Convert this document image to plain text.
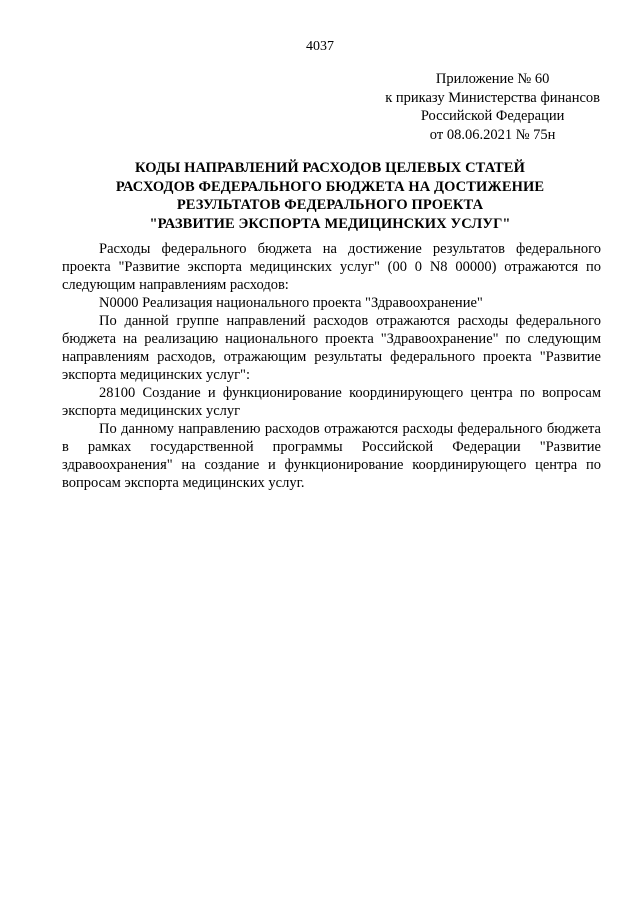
4037
Приложение № 60
к приказу Министерства финансов
Российской Федерации
от 08.06.2021 № 75н
КОДЫ НАПРАВЛЕНИЙ РАСХОДОВ ЦЕЛЕВЫХ СТАТЕЙ
РАСХОДОВ ФЕДЕРАЛЬНОГО БЮДЖЕТА НА ДОСТИЖЕНИЕ
РЕЗУЛЬТАТОВ ФЕДЕРАЛЬНОГО ПРОЕКТА
"РАЗВИТИЕ ЭКСПОРТА МЕДИЦИНСКИХ УСЛУГ"

Расходы федерального бюджета на достижение результатов федерального проекта "Развитие экспорта медицинских услуг" (00 0 N8 00000) отражаются по следующим направлениям расходов:

N0000 Реализация национального проекта "Здравоохранение"

По данной группе направлений расходов отражаются расходы федерального бюджета на реализацию национального проекта "Здравоохранение" по следующим направлениям расходов, отражающим результаты федерального проекта "Развитие экспорта медицинских услуг":

28100 Создание и функционирование координирующего центра по вопросам экспорта медицинских услуг

По данному направлению расходов отражаются расходы федерального бюджета в рамках государственной программы Российской Федерации "Развитие здравоохранения" на создание и функционирование координирующего центра по вопросам экспорта медицинских услуг.
